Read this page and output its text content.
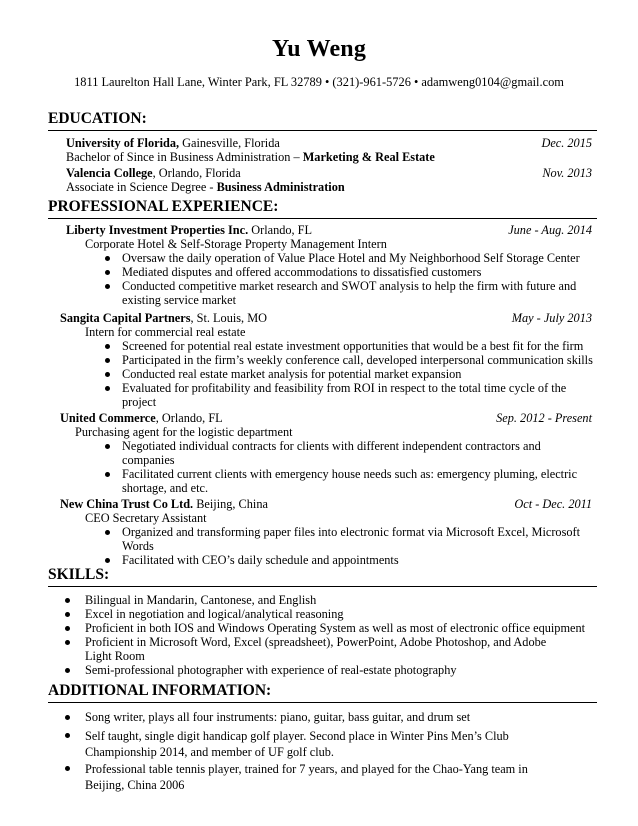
Yu Weng
1811 Laurelton Hall Lane, Winter Park, FL 32789 • (321)-961-5726 • adamweng0104@gmail.com
EDUCATION:
University of Florida, Gainesville, Florida	Dec. 2015
Bachelor of Since in Business Administration – Marketing & Real Estate
Valencia College, Orlando, Florida	Nov. 2013
Associate in Science Degree - Business Administration
PROFESSIONAL EXPERIENCE:
Liberty Investment Properties Inc. Orlando, FL	June - Aug. 2014
Corporate Hotel & Self-Storage Property Management Intern
Oversaw the daily operation of Value Place Hotel and My Neighborhood Self Storage Center
Mediated disputes and offered accommodations to dissatisfied customers
Conducted competitive market research and SWOT analysis to help the firm with future and existing service market
Sangita Capital Partners, St. Louis, MO	May - July 2013
Intern for commercial real estate
Screened for potential real estate investment opportunities that would be a best fit for the firm
Participated in the firm’s weekly conference call, developed interpersonal communication skills
Conducted real estate market analysis for potential market expansion
Evaluated for profitability and feasibility from ROI in respect to the total time cycle of the project
United Commerce, Orlando, FL	Sep. 2012 - Present
Purchasing agent for the logistic department
Negotiated individual contracts for clients with different independent contractors and companies
Facilitated current clients with emergency house needs such as: emergency pluming, electric shortage, and etc.
New China Trust Co Ltd. Beijing, China	Oct - Dec. 2011
CEO Secretary Assistant
Organized and transforming paper files into electronic format via Microsoft Excel, Microsoft Words
Facilitated with CEO’s daily schedule and appointments
SKILLS:
Bilingual in Mandarin, Cantonese, and English
Excel in negotiation and logical/analytical reasoning
Proficient in both IOS and Windows Operating System as well as most of electronic office equipment
Proficient in Microsoft Word, Excel (spreadsheet), PowerPoint, Adobe Photoshop, and Adobe Light Room
Semi-professional photographer with experience of real-estate photography
ADDITIONAL INFORMATION:
Song writer, plays all four instruments: piano, guitar, bass guitar, and drum set
Self taught, single digit handicap golf player. Second place in Winter Pins Men’s Club Championship 2014, and member of UF golf club.
Professional table tennis player, trained for 7 years, and played for the Chao-Yang team in Beijing, China 2006
